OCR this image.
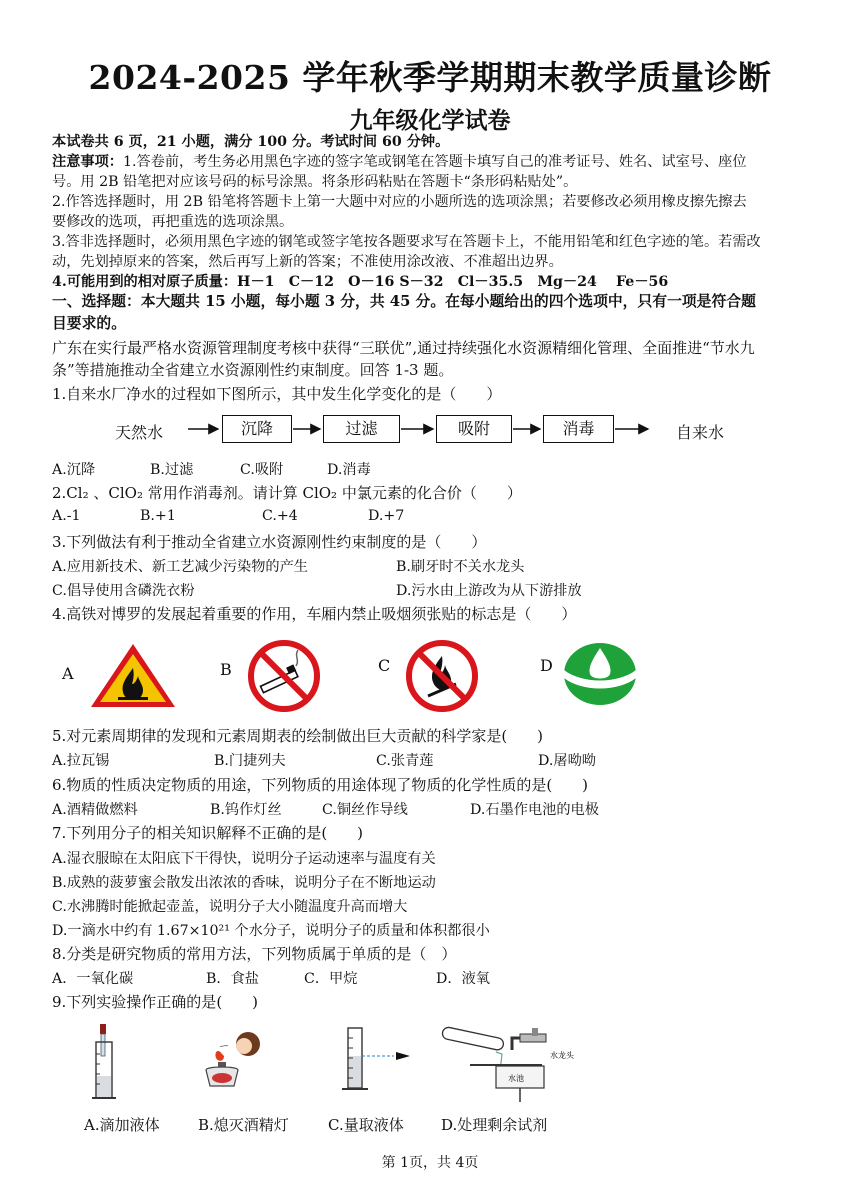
2024-2025 学年秋季学期期末教学质量诊断
九年级化学试卷
本试卷共 6 页，21 小题，满分 100 分。考试时间 60 分钟。
注意事项：1.答卷前，考生务必用黑色字迹的签字笔或钢笔在答题卡填写自己的准考证号、姓名、试室号、座位
号。用 2B 铅笔把对应该号码的标号涂黑。将条形码粘贴在答题卡“条形码粘贴处”。
2.作答选择题时，用 2B 铅笔将答题卡上第一大题中对应的小题所选的选项涂黑；若要修改必须用橡皮擦先擦去
要修改的选项，再把重选的选项涂黑。
3.答非选择题时，必须用黑色字迹的钢笔或签字笔按各题要求写在答题卡上，不能用铅笔和红色字迹的笔。若需改
动，先划掉原来的答案，然后再写上新的答案；不准使用涂改液、不准超出边界。
4.可能用到的相对原子质量：H－1　C－12　O－16 S－32　Cl－35.5　Mg－24　 Fe－56
一、选择题：本大题共 15 小题，每小题 3 分，共 45 分。在每小题给出的四个选项中，只有一项是符合题
目要求的。
广东在实行最严格水资源管理制度考核中获得“三联优”,通过持续强化水资源精细化管理、全面推进“节水九
条”等措施推动全省建立水资源刚性约束制度。回答 1-3 题。
1.自来水厂净水的过程如下图所示，其中发生化学变化的是（　　）
天然水	沉降	过滤	吸附	消毒	自来水
A.沉降	B.过滤	C.吸附	D.消毒
2.Cl₂ 、ClO₂ 常用作消毒剂。请计算 ClO₂ 中氯元素的化合价（　　）
A.-1	B.+1	C.+4	D.+7
3.下列做法有利于推动全省建立水资源刚性约束制度的是（　　）
A.应用新技术、新工艺减少污染物的产生	B.刷牙时不关水龙头
C.倡导使用含磷洗衣粉	D.污水由上游改为从下游排放
4.高铁对博罗的发展起着重要的作用，车厢内禁止吸烟须张贴的标志是（　　）
A	B	C	D
5.对元素周期律的发现和元素周期表的绘制做出巨大贡献的科学家是(　　)
A.拉瓦锡	B.门捷列夫	C.张青莲	D.屠呦呦
6.物质的性质决定物质的用途，下列物质的用途体现了物质的化学性质的是(　　)
A.酒精做燃料	B.钨作灯丝	C.铜丝作导线	D.石墨作电池的电极
7.下列用分子的相关知识解释不正确的是(　　)
A.湿衣服晾在太阳底下干得快，说明分子运动速率与温度有关
B.成熟的菠萝蜜会散发出浓浓的香味，说明分子在不断地运动
C.水沸腾时能掀起壶盖，说明分子大小随温度升高而增大
D.一滴水中约有 1.67×10²¹ 个水分子，说明分子的质量和体积都很小
8.分类是研究物质的常用方法，下列物质属于单质的是（　）
A．一氧化碳	B．食盐	C．甲烷	D．液氧
9.下列实验操作正确的是(　　)
水龙头
水池
A.滴加液体	B.熄灭酒精灯	C.量取液体 D.处理剩余试剂
第 1页，共 4页
